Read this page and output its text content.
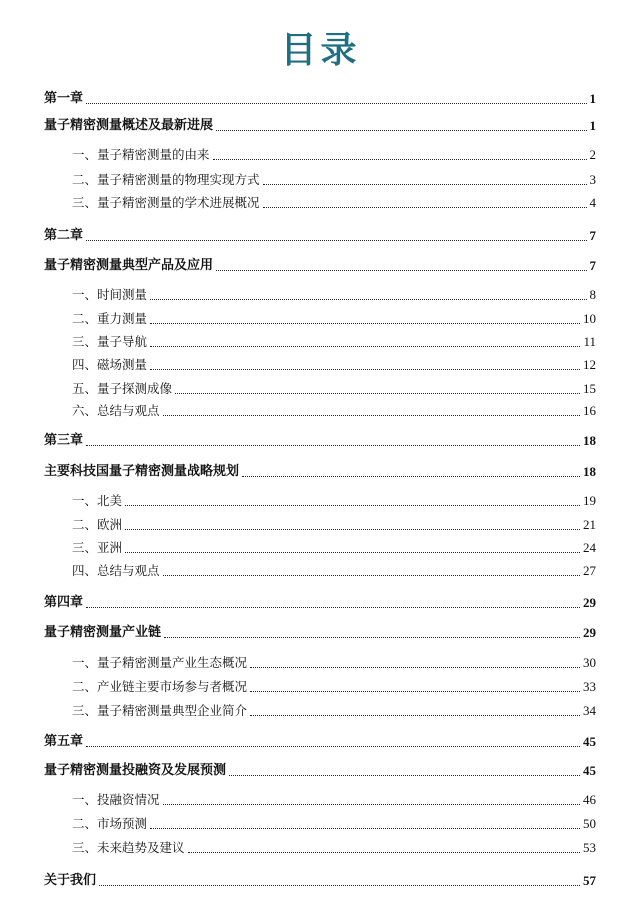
目录
第一章	1
量子精密测量概述及最新进展	1
一、量子精密测量的由来	2
二、量子精密测量的物理实现方式	3
三、量子精密测量的学术进展概况	4
第二章	7
量子精密测量典型产品及应用	7
一、时间测量	8
二、重力测量	10
三、量子导航	11
四、磁场测量	12
五、量子探测成像	15
六、总结与观点	16
第三章	18
主要科技国量子精密测量战略规划	18
一、北美	19
二、欧洲	21
三、亚洲	24
四、总结与观点	27
第四章	29
量子精密测量产业链	29
一、量子精密测量产业生态概况	30
二、产业链主要市场参与者概况	33
三、量子精密测量典型企业简介	34
第五章	45
量子精密测量投融资及发展预测	45
一、投融资情况	46
二、市场预测	50
三、未来趋势及建议	53
关于我们	57
